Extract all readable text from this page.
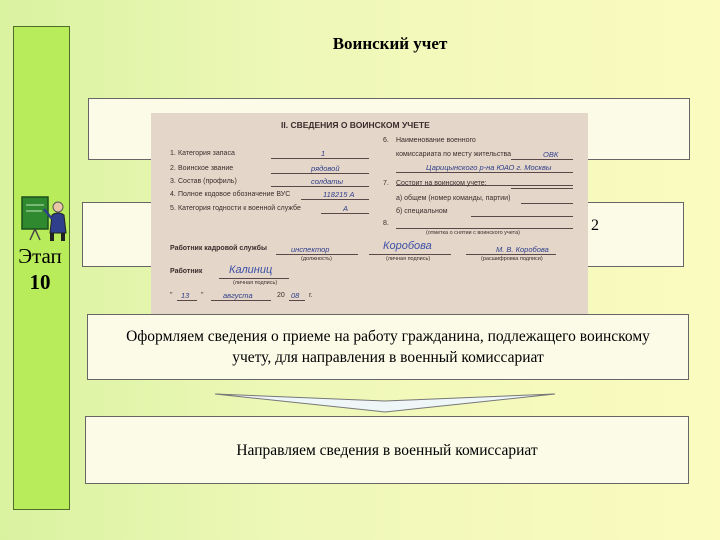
Этап
10
Воинский учет
2
II. СВЕДЕНИЯ О ВОИНСКОМ УЧЕТЕ
1. Категория запаса	1
2. Воинское звание	рядовой
3. Состав (профиль)	солдаты
4. Полное кодовое обозначение ВУС	118215 А
5. Категория годности к военной службе	А
6. Наименование военного
комиссариата по месту жительства	ОВК
Царицынского р-на ЮАО г. Москвы
7. Состоит на воинском учете:
а) общем (номер команды, партии)
б) специальном
8.
(отметка о снятии с воинского учета)
Работник кадровой службы	инспектор
(должность)
Коробова
(личная подпись)
М. В. Коробова
(расшифровка подписи)
Работник Калиниц
(личная подпись)
" 13 "	августа	20 08 г.
Оформляем сведения о приеме на работу гражданина, подлежащего воинскому учету, для направления в военный комиссариат
Направляем сведения в военный комиссариат
